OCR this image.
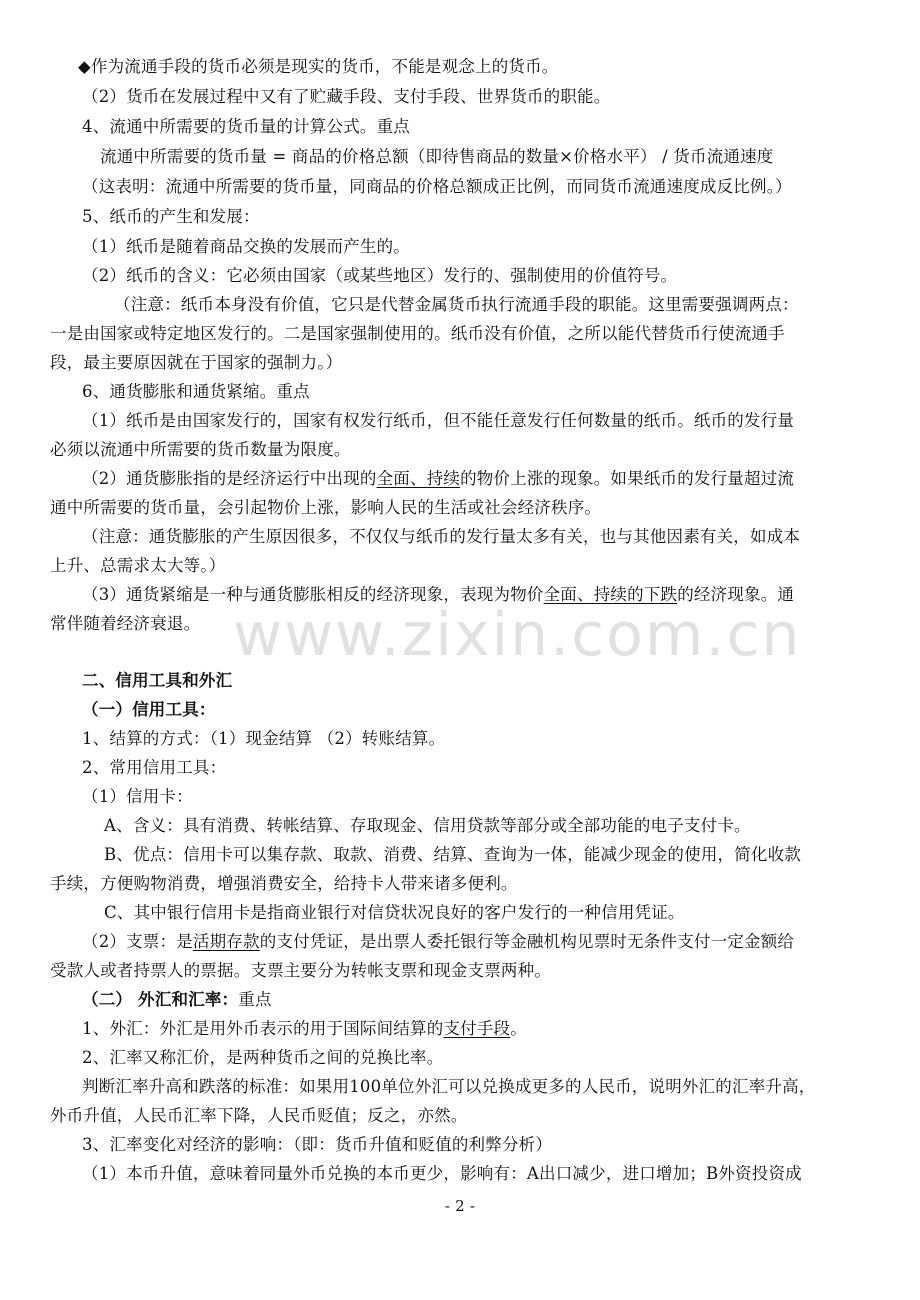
www.zixin.com.cn
◆作为流通手段的货币必须是现实的货币，不能是观念上的货币。
（2）货币在发展过程中又有了贮藏手段、支付手段、世界货币的职能。
4、流通中所需要的货币量的计算公式。重点
流通中所需要的货币量 = 商品的价格总额（即待售商品的数量×价格水平） / 货币流通速度
（这表明：流通中所需要的货币量，同商品的价格总额成正比例，而同货币流通速度成反比例。）
5、纸币的产生和发展：
（1）纸币是随着商品交换的发展而产生的。
（2）纸币的含义：它必须由国家（或某些地区）发行的、强制使用的价值符号。
（注意：纸币本身没有价值，它只是代替金属货币执行流通手段的职能。这里需要强调两点：
一是由国家或特定地区发行的。二是国家强制使用的。纸币没有价值，之所以能代替货币行使流通手
段，最主要原因就在于国家的强制力。）
6、通货膨胀和通货紧缩。重点
（1）纸币是由国家发行的，国家有权发行纸币，但不能任意发行任何数量的纸币。纸币的发行量
必须以流通中所需要的货币数量为限度。
（2）通货膨胀指的是经济运行中出现的全面、持续的物价上涨的现象。如果纸币的发行量超过流
通中所需要的货币量，会引起物价上涨，影响人民的生活或社会经济秩序。
（注意：通货膨胀的产生原因很多，不仅仅与纸币的发行量太多有关，也与其他因素有关，如成本
上升、总需求太大等。）
（3）通货紧缩是一种与通货膨胀相反的经济现象，表现为物价全面、持续的下跌的经济现象。通
常伴随着经济衰退。
二、信用工具和外汇
（一）信用工具：
1、结算的方式：（1）现金结算 （2）转账结算。
2、常用信用工具：
（1）信用卡：
A、含义：具有消费、转帐结算、存取现金、信用贷款等部分或全部功能的电子支付卡。
B、优点：信用卡可以集存款、取款、消费、结算、查询为一体，能减少现金的使用，简化收款
手续，方便购物消费，增强消费安全，给持卡人带来诸多便利。
C、其中银行信用卡是指商业银行对信贷状况良好的客户发行的一种信用凭证。
（2）支票：是活期存款的支付凭证，是出票人委托银行等金融机构见票时无条件支付一定金额给
受款人或者持票人的票据。支票主要分为转帐支票和现金支票两种。
（二） 外汇和汇率：重点
1、外汇：外汇是用外币表示的用于国际间结算的支付手段。
2、汇率又称汇价，是两种货币之间的兑换比率。
判断汇率升高和跌落的标准：如果用100单位外汇可以兑换成更多的人民币，说明外汇的汇率升高，
外币升值，人民币汇率下降，人民币贬值；反之，亦然。
3、汇率变化对经济的影响：（即：货币升值和贬值的利弊分析）
（1）本币升值，意味着同量外币兑换的本币更少，影响有：A出口减少，进口增加；B外资投资成
- 2 -
